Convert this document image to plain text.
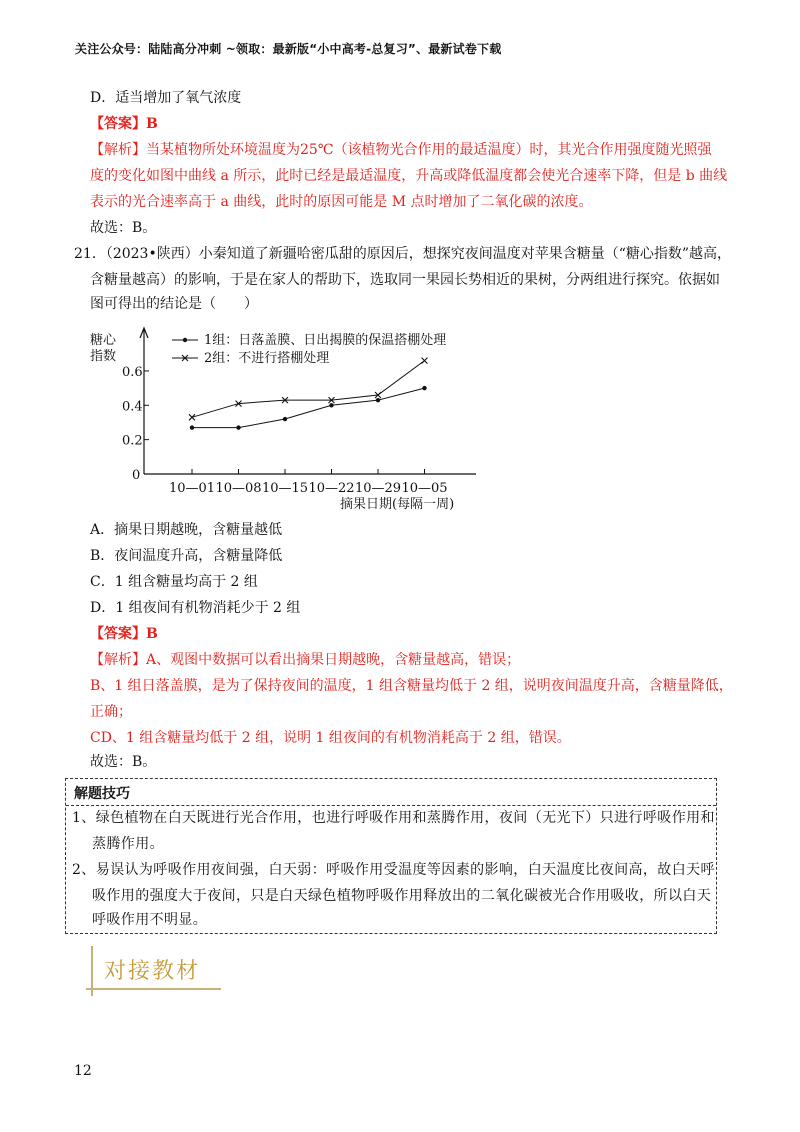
关注公众号：陆陆高分冲刺 ~领取：最新版“小中高考-总复习”、最新试卷下载
D．适当增加了氧气浓度
【答案】B
【解析】当某植物所处环境温度为25℃（该植物光合作用的最适温度）时，其光合作用强度随光照强
度的变化如图中曲线 a 所示，此时已经是最适温度，升高或降低温度都会使光合速率下降，但是 b 曲线
表示的光合速率高于 a 曲线，此时的原因可能是 M 点时增加了二氧化碳的浓度。
故选：B。
21．（2023•陕西）小秦知道了新疆哈密瓜甜的原因后，想探究夜间温度对苹果含糖量（“糖心指数”越高，
含糖量越高）的影响，于是在家人的帮助下，选取同一果园长势相近的果树，分两组进行探究。依据如
图可得出的结论是（　　）
糖心
指数
1组：日落盖膜、日出揭膜的保温搭棚处理
2组：不进行搭棚处理
摘果日期(每隔一周)
0.2
0.4
0.6
0
10—01 10—08 10—15 10—22 10—29 10—05
A．摘果日期越晚，含糖量越低
B．夜间温度升高，含糖量降低
C．1 组含糖量均高于 2 组
D．1 组夜间有机物消耗少于 2 组
【答案】B
【解析】A、观图中数据可以看出摘果日期越晚，含糖量越高，错误；
B、1 组日落盖膜，是为了保持夜间的温度，1 组含糖量均低于 2 组，说明夜间温度升高，含糖量降低，
正确；
CD、1 组含糖量均低于 2 组，说明 1 组夜间的有机物消耗高于 2 组，错误。
故选：B。
解题技巧
1、绿色植物在白天既进行光合作用，也进行呼吸作用和蒸腾作用，夜间（无光下）只进行呼吸作用和
蒸腾作用。
2、易误认为呼吸作用夜间强，白天弱：呼吸作用受温度等因素的影响，白天温度比夜间高，故白天呼
吸作用的强度大于夜间，只是白天绿色植物呼吸作用释放出的二氧化碳被光合作用吸收，所以白天
呼吸作用不明显。
对接教材
12
